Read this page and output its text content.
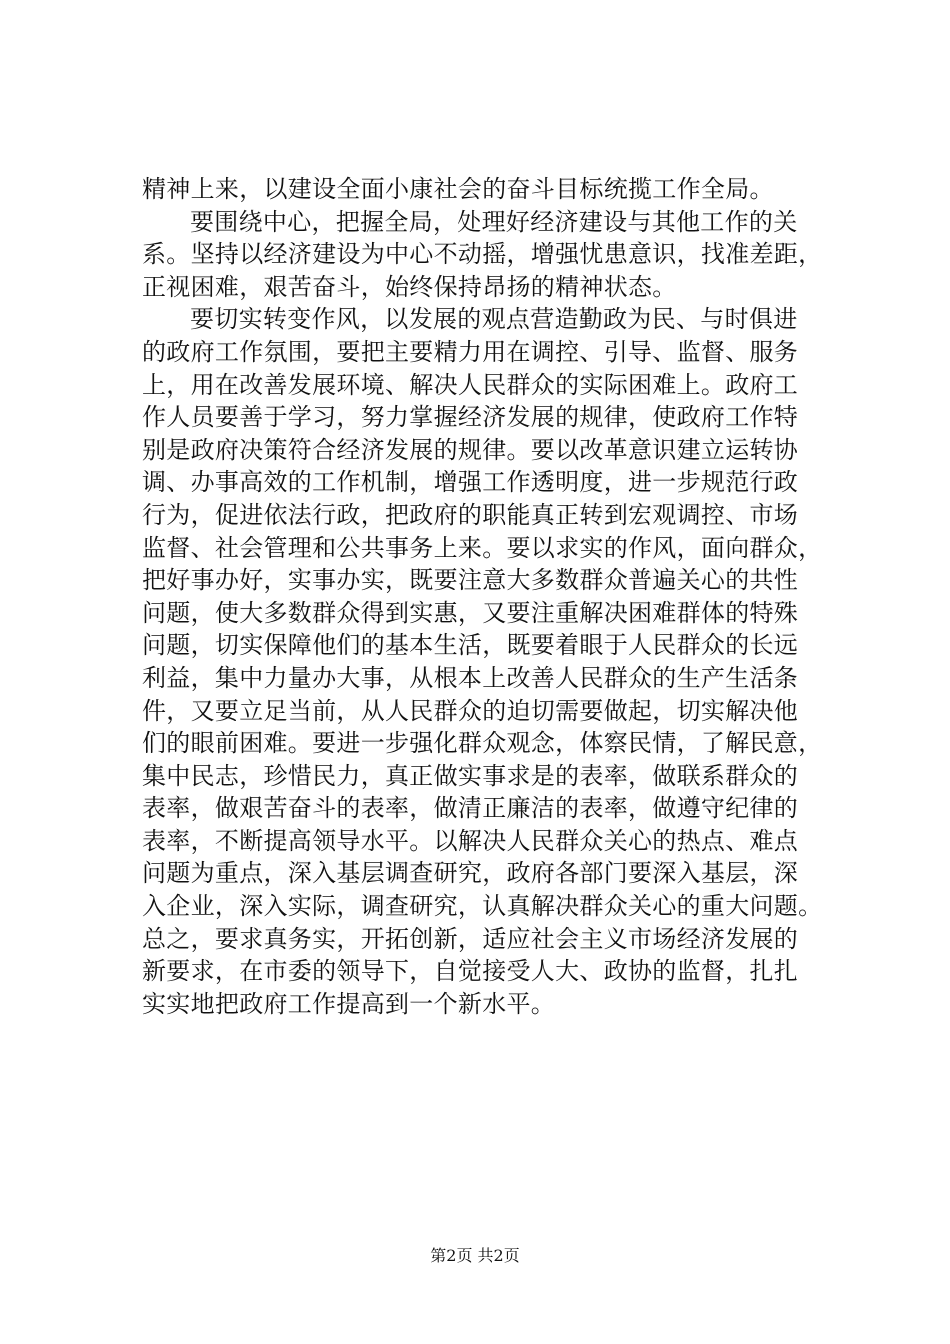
精神上来，以建设全面小康社会的奋斗目标统揽工作全局。
要围绕中心，把握全局，处理好经济建设与其他工作的关
系。坚持以经济建设为中心不动摇，增强忧患意识，找准差距，
正视困难，艰苦奋斗，始终保持昂扬的精神状态。
要切实转变作风，以发展的观点营造勤政为民、与时俱进
的政府工作氛围，要把主要精力用在调控、引导、监督、服务
上，用在改善发展环境、解决人民群众的实际困难上。政府工
作人员要善于学习，努力掌握经济发展的规律，使政府工作特
别是政府决策符合经济发展的规律。要以改革意识建立运转协
调、办事高效的工作机制，增强工作透明度，进一步规范行政
行为，促进依法行政，把政府的职能真正转到宏观调控、市场
监督、社会管理和公共事务上来。要以求实的作风，面向群众，
把好事办好，实事办实，既要注意大多数群众普遍关心的共性
问题，使大多数群众得到实惠，又要注重解决困难群体的特殊
问题，切实保障他们的基本生活，既要着眼于人民群众的长远
利益，集中力量办大事，从根本上改善人民群众的生产生活条
件，又要立足当前，从人民群众的迫切需要做起，切实解决他
们的眼前困难。要进一步强化群众观念，体察民情，了解民意，
集中民志，珍惜民力，真正做实事求是的表率，做联系群众的
表率，做艰苦奋斗的表率，做清正廉洁的表率，做遵守纪律的
表率，不断提高领导水平。以解决人民群众关心的热点、难点
问题为重点，深入基层调查研究，政府各部门要深入基层，深
入企业，深入实际，调查研究，认真解决群众关心的重大问题。
总之，要求真务实，开拓创新，适应社会主义市场经济发展的
新要求，在市委的领导下，自觉接受人大、政协的监督，扎扎
实实地把政府工作提高到一个新水平。
第2页 共2页
